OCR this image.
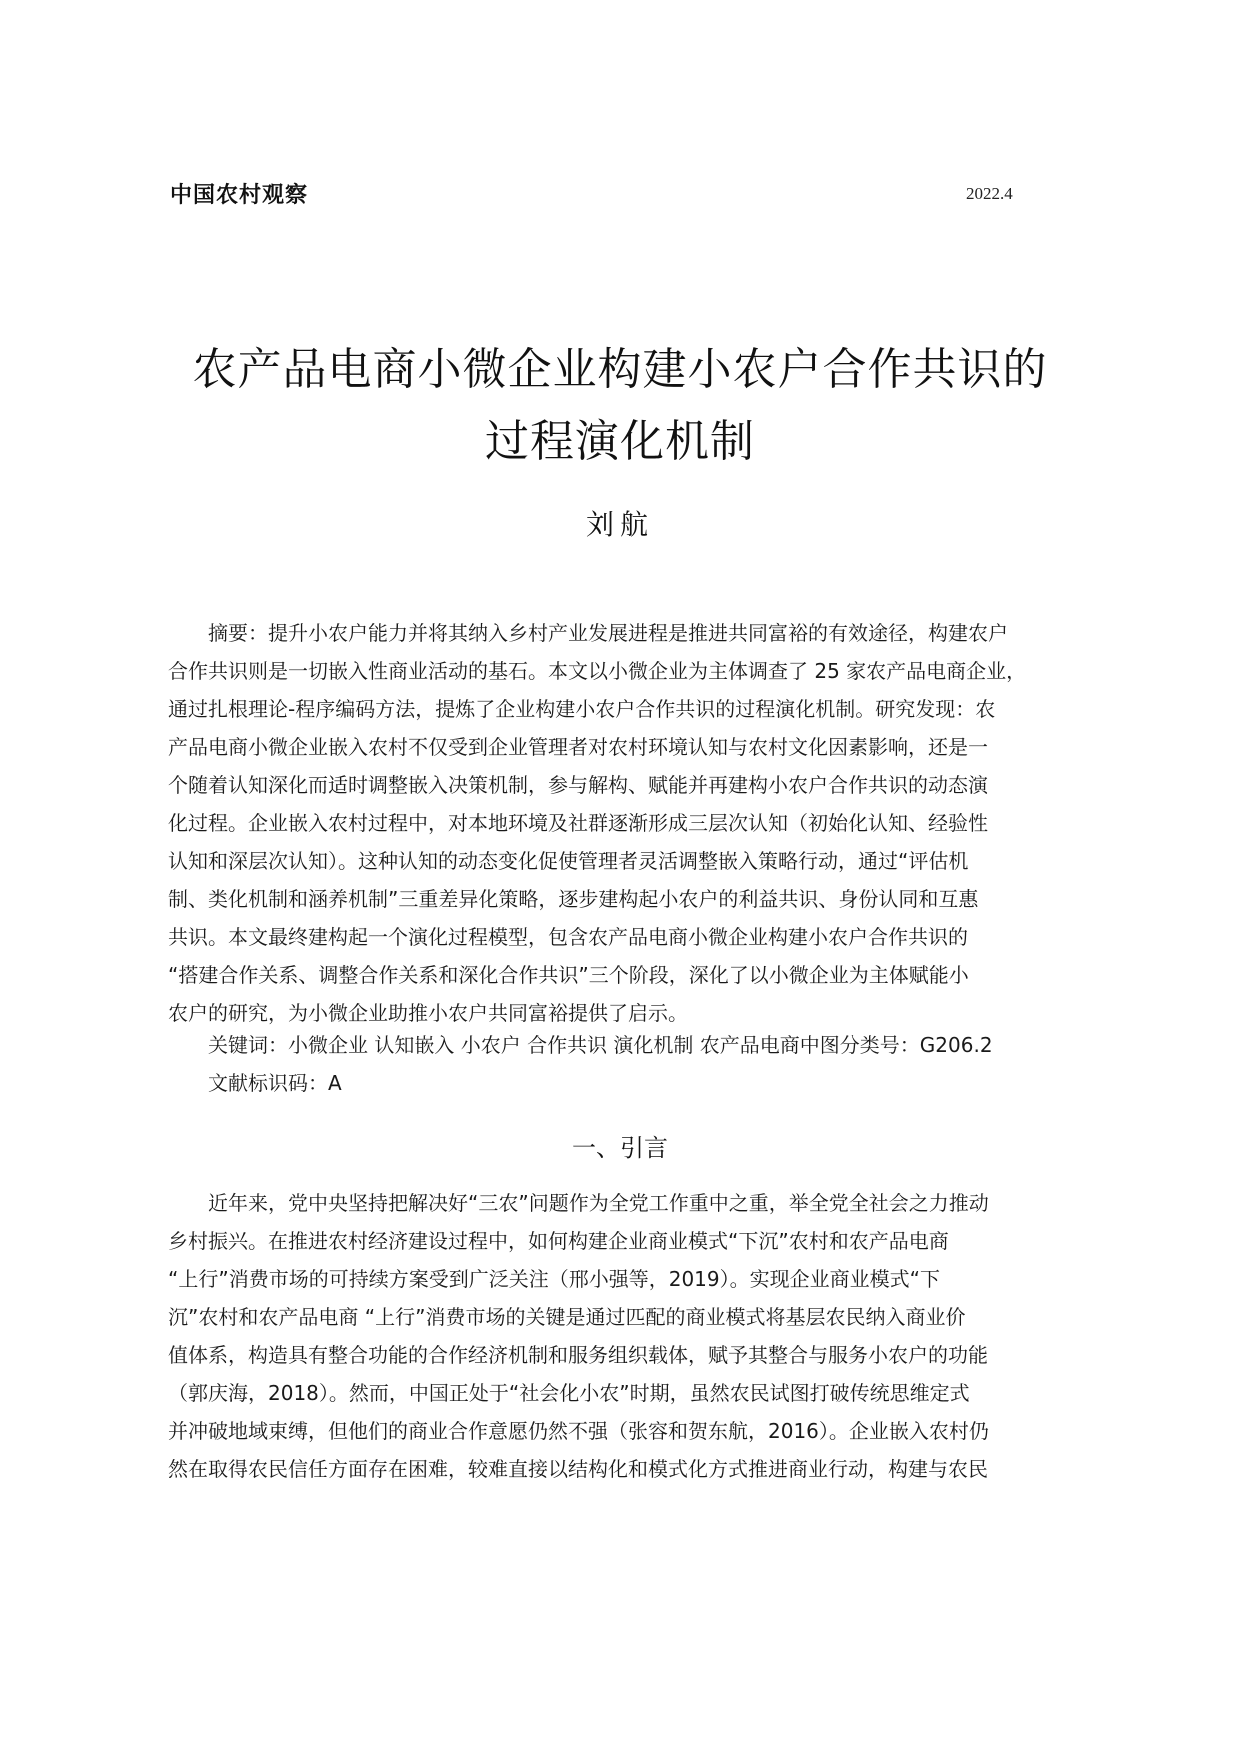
中国农村观察	2022.4
农产品电商小微企业构建小农户合作共识的
过程演化机制
刘航
　　摘要：提升小农户能力并将其纳入乡村产业发展进程是推进共同富裕的有效途径，构建农户
合作共识则是一切嵌入性商业活动的基石。本文以小微企业为主体调查了 25 家农产品电商企业，
通过扎根理论-程序编码方法，提炼了企业构建小农户合作共识的过程演化机制。研究发现：农
产品电商小微企业嵌入农村不仅受到企业管理者对农村环境认知与农村文化因素影响，还是一
个随着认知深化而适时调整嵌入决策机制，参与解构、赋能并再建构小农户合作共识的动态演
化过程。企业嵌入农村过程中，对本地环境及社群逐渐形成三层次认知（初始化认知、经验性
认知和深层次认知）。这种认知的动态变化促使管理者灵活调整嵌入策略行动，通过“评估机
制、类化机制和涵养机制”三重差异化策略，逐步建构起小农户的利益共识、身份认同和互惠
共识。本文最终建构起一个演化过程模型，包含农产品电商小微企业构建小农户合作共识的
“搭建合作关系、调整合作关系和深化合作共识”三个阶段，深化了以小微企业为主体赋能小
农户的研究，为小微企业助推小农户共同富裕提供了启示。
　　关键词：小微企业 认知嵌入 小农户 合作共识 演化机制 农产品电商中图分类号：G206.2
　　文献标识码：A
一、引言
　　近年来，党中央坚持把解决好“三农”问题作为全党工作重中之重，举全党全社会之力推动
乡村振兴。在推进农村经济建设过程中，如何构建企业商业模式“下沉”农村和农产品电商
“上行”消费市场的可持续方案受到广泛关注（邢小强等，2019）。实现企业商业模式“下
沉”农村和农产品电商 “上行”消费市场的关键是通过匹配的商业模式将基层农民纳入商业价
值体系，构造具有整合功能的合作经济机制和服务组织载体，赋予其整合与服务小农户的功能
（郭庆海，2018）。然而，中国正处于“社会化小农”时期，虽然农民试图打破传统思维定式
并冲破地域束缚，但他们的商业合作意愿仍然不强（张容和贺东航，2016）。企业嵌入农村仍
然在取得农民信任方面存在困难，较难直接以结构化和模式化方式推进商业行动，构建与农民
